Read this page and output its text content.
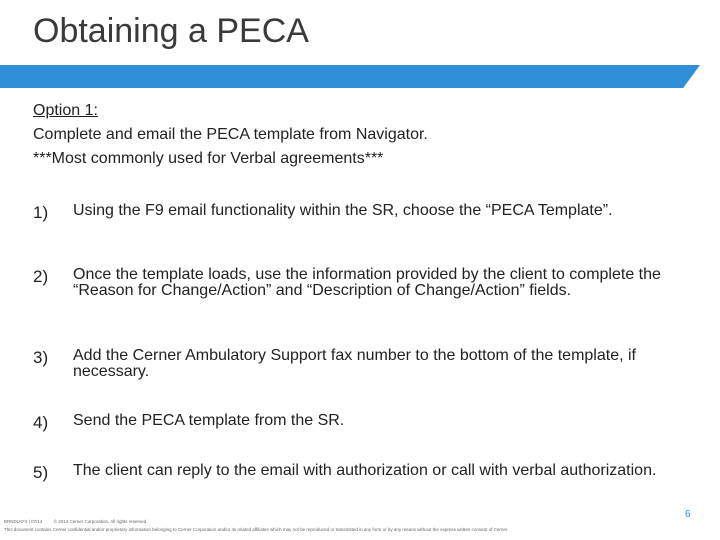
Obtaining a PECA
Option 1:
Complete and email the PECA template from Navigator.
***Most commonly used for Verbal agreements***
1) Using the F9 email functionality within the SR, choose the “PECA Template”.
2) Once the template loads, use the information provided by the client to complete the “Reason for Change/Action” and “Description of Change/Action” fields.
3) Add the Cerner Ambulatory Support fax number to the bottom of the template, if necessary.
4) Send the PECA template from the SR.
5) The client can reply to the email with authorization or call with verbal authorization.
BRNDLKF2 | 07/14	© 2014 Cerner Corporation. All rights reserved.
This document contains Cerner confidential and/or proprietary information belonging to Cerner Corporation and/or its related affiliates which may not be reproduced or transmitted in any form or by any means without the express written consent of Cerner.
6
